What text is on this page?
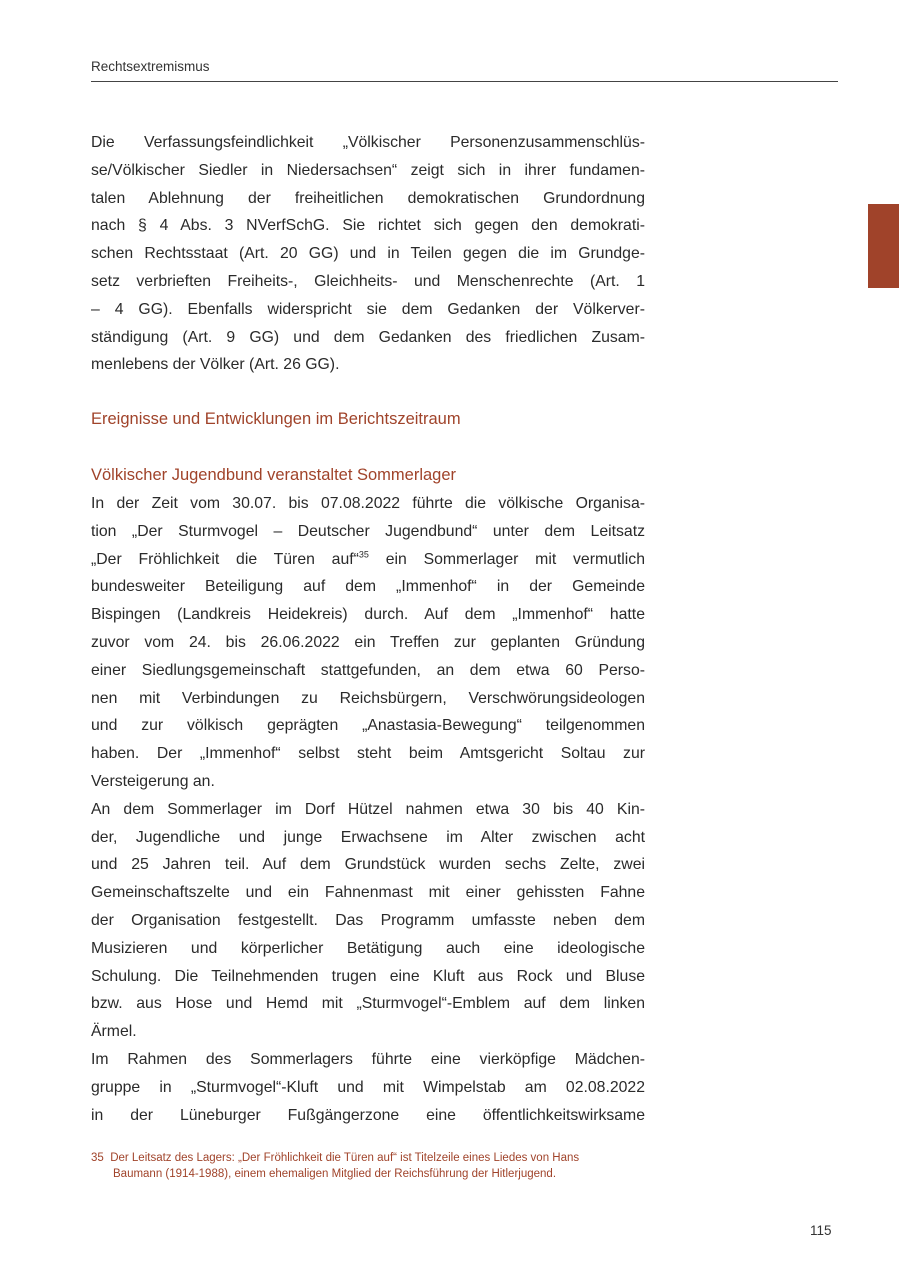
Rechtsextremismus
Die Verfassungsfeindlichkeit „Völkischer Personenzusammenschlüs-
se/Völkischer Siedler in Niedersachsen“ zeigt sich in ihrer fundamen-
talen Ablehnung der freiheitlichen demokratischen Grundordnung
nach § 4 Abs. 3 NVerfSchG. Sie richtet sich gegen den demokrati-
schen Rechtsstaat (Art. 20 GG) und in Teilen gegen die im Grundge-
setz verbrieften Freiheits-, Gleichheits- und Menschenrechte (Art. 1
– 4 GG). Ebenfalls widerspricht sie dem Gedanken der Völkerver-
ständigung (Art. 9 GG) und dem Gedanken des friedlichen Zusam-
menlebens der Völker (Art. 26 GG).
Ereignisse und Entwicklungen im Berichtszeitraum
Völkischer Jugendbund veranstaltet Sommerlager
In der Zeit vom 30.07. bis 07.08.2022 führte die völkische Organisa-
tion „Der Sturmvogel – Deutscher Jugendbund“ unter dem Leitsatz
„Der Fröhlichkeit die Türen auf“$^{35}$ ein Sommerlager mit vermutlich
bundesweiter Beteiligung auf dem „Immenhof“ in der Gemeinde
Bispingen (Landkreis Heidekreis) durch. Auf dem „Immenhof“ hatte
zuvor vom 24. bis 26.06.2022 ein Treffen zur geplanten Gründung
einer Siedlungsgemeinschaft stattgefunden, an dem etwa 60 Perso-
nen mit Verbindungen zu Reichsbürgern, Verschwörungsideologen
und zur völkisch geprägten „Anastasia-Bewegung“ teilgenommen
haben. Der „Immenhof“ selbst steht beim Amtsgericht Soltau zur
Versteigerung an.
An dem Sommerlager im Dorf Hützel nahmen etwa 30 bis 40 Kin-
der, Jugendliche und junge Erwachsene im Alter zwischen acht
und 25 Jahren teil. Auf dem Grundstück wurden sechs Zelte, zwei
Gemeinschaftszelte und ein Fahnenmast mit einer gehissten Fahne
der Organisation festgestellt. Das Programm umfasste neben dem
Musizieren und körperlicher Betätigung auch eine ideologische
Schulung. Die Teilnehmenden trugen eine Kluft aus Rock und Bluse
bzw. aus Hose und Hemd mit „Sturmvogel“-Emblem auf dem linken
Ärmel.
Im Rahmen des Sommerlagers führte eine vierköpfige Mädchen-
gruppe in „Sturmvogel“-Kluft und mit Wimpelstab am 02.08.2022
in der Lüneburger Fußgängerzone eine öffentlichkeitswirksame
35 Der Leitsatz des Lagers: „Der Fröhlichkeit die Türen auf“ ist Titelzeile eines Liedes von Hans
Baumann (1914-1988), einem ehemaligen Mitglied der Reichsführung der Hitlerjugend.
115
